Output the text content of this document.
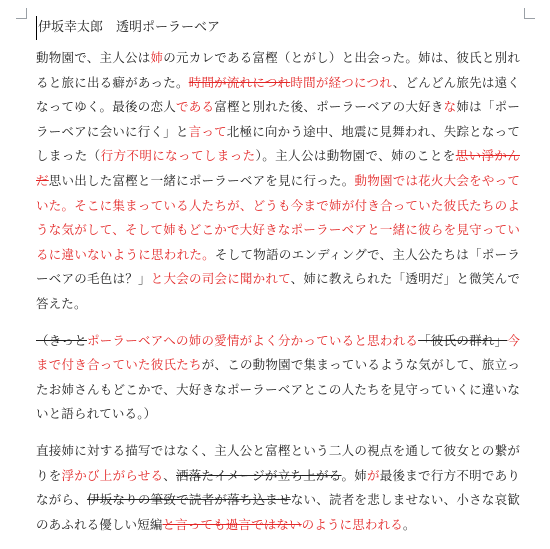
伊坂幸太郎　透明ポーラーベア

動物園で、主人公は姉の元カレである富樫（とがし）と出会った。姉は、彼氏と別れると旅に出る癖があった。時間が流れにつれ時間が経つにつれ、どんどん旅先は遠くなってゆく。最後の恋人である富樫と別れた後、ポーラーベアの大好きな姉は「ポーラーベアに会いに行く」と言って北極に向かう途中、地震に見舞われ、失踪となってしまった（行方不明になってしまった）。主人公は動物園で、姉のことを思い浮かんだ思い出した富樫と一緒にポーラーベアを見に行った。動物園では花火大会をやっていた。そこに集まっている人たちが、どうも今まで姉が付き合っていた彼氏たちのような気がして、そして姉もどこかで大好きなポーラーベアと一緒に彼らを見守っているに違いないように思われた。そして物語のエンディングで、主人公たちは「ポーラーベアの毛色は？」と大会の司会に聞かれて、姉に教えられた「透明だ」と微笑んで答えた。

（きっとポーラーベアへの姉の愛情がよく分かっていると思われる「彼氏の群れ」今まで付き合っていた彼氏たちが、この動物園で集まっているような気がして、旅立ったお姉さんもどこかで、大好きなポーラーベアとこの人たちを見守っていくに違いないと語られている。）

直接姉に対する描写ではなく、主人公と富樫という二人の視点を通して彼女との繋がりを浮かび上がらせる、洒落たイメージが立ち上がる。姉が最後まで行方不明でありながら、伊坂なりの筆致で読者が落ち込ませない、読者を悲しませない、小さな哀歓のあふれる優しい短編と言っても過言ではないのように思われる。
